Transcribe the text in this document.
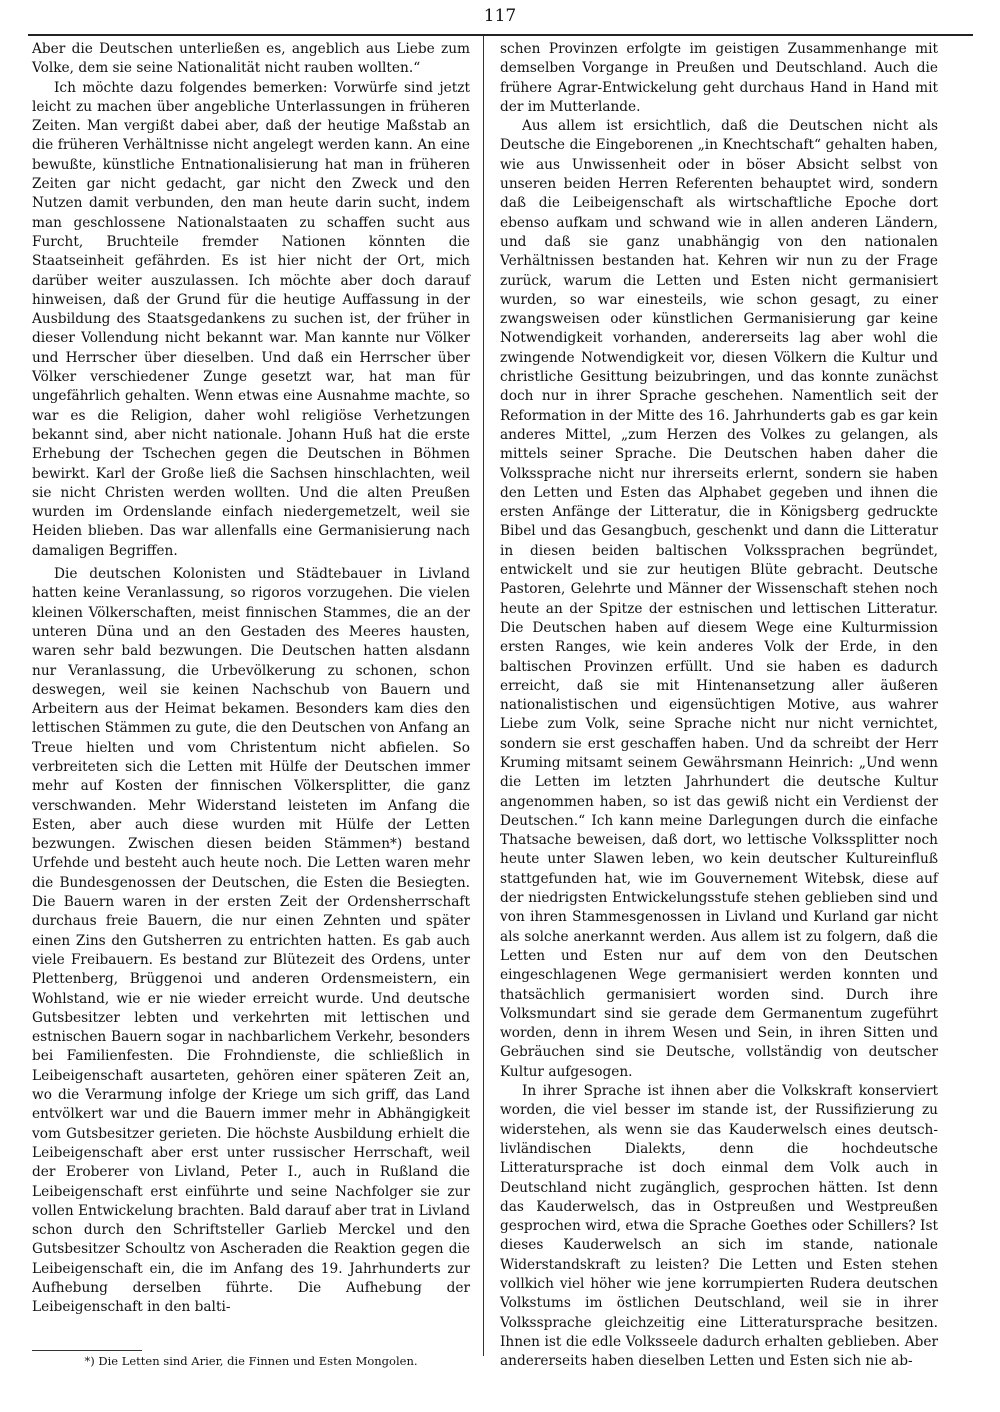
117

Aber die Deutschen unterließen es, angeblich aus Liebe zum Volke, dem sie seine Nationalität nicht rauben wollten.“

Ich möchte dazu folgendes bemerken: Vorwürfe sind jetzt leicht zu machen über angebliche Unterlassungen in früheren Zeiten. Man vergißt dabei aber, daß der heutige Maßstab an die früheren Verhältnisse nicht angelegt werden kann. An eine bewußte, künstliche Entnationalisierung hat man in früheren Zeiten gar nicht gedacht, gar nicht den Zweck und den Nutzen damit verbunden, den man heute darin sucht, indem man geschlossene Nationalstaaten zu schaffen sucht aus Furcht, Bruchteile fremder Nationen könnten die Staatseinheit gefährden. Es ist hier nicht der Ort, mich darüber weiter auszulassen. Ich möchte aber doch darauf hinweisen, daß der Grund für die heutige Auffassung in der Ausbildung des Staatsgedankens zu suchen ist, der früher in dieser Vollendung nicht bekannt war. Man kannte nur Völker und Herrscher über dieselben. Und daß ein Herrscher über Völker verschiedener Zunge gesetzt war, hat man für ungefährlich gehalten. Wenn etwas eine Ausnahme machte, so war es die Religion, daher wohl religiöse Verhetzungen bekannt sind, aber nicht nationale. Johann Huß hat die erste Erhebung der Tschechen gegen die Deutschen in Böhmen bewirkt. Karl der Große ließ die Sachsen hinschlachten, weil sie nicht Christen werden wollten. Und die alten Preußen wurden im Ordenslande einfach niedergemetzelt, weil sie Heiden blieben. Das war allenfalls eine Germanisierung nach damaligen Begriffen.

Die deutschen Kolonisten und Städtebauer in Livland hatten keine Veranlassung, so rigoros vorzugehen. Die vielen kleinen Völkerschaften, meist finnischen Stammes, die an der unteren Düna und an den Gestaden des Meeres hausten, waren sehr bald bezwungen. Die Deutschen hatten alsdann nur Veranlassung, die Urbevölkerung zu schonen, schon deswegen, weil sie keinen Nachschub von Bauern und Arbeitern aus der Heimat bekamen. Besonders kam dies den lettischen Stämmen zu gute, die den Deutschen von Anfang an Treue hielten und vom Christentum nicht abfielen. So verbreiteten sich die Letten mit Hülfe der Deutschen immer mehr auf Kosten der finnischen Völkersplitter, die ganz verschwanden. Mehr Widerstand leisteten im Anfang die Esten, aber auch diese wurden mit Hülfe der Letten bezwungen. Zwischen diesen beiden Stämmen*) bestand Urfehde und besteht auch heute noch. Die Letten waren mehr die Bundesgenossen der Deutschen, die Esten die Besiegten. Die Bauern waren in der ersten Zeit der Ordensherrschaft durchaus freie Bauern, die nur einen Zehnten und später einen Zins den Gutsherren zu entrichten hatten. Es gab auch viele Freibauern. Es bestand zur Blütezeit des Ordens, unter Plettenberg, Brüggenoi und anderen Ordensmeistern, ein Wohlstand, wie er nie wieder erreicht wurde. Und deutsche Gutsbesitzer lebten und verkehrten mit lettischen und estnischen Bauern sogar in nachbarlichem Verkehr, besonders bei Familienfesten. Die Frohndienste, die schließlich in Leibeigenschaft ausarteten, gehören einer späteren Zeit an, wo die Verarmung infolge der Kriege um sich griff, das Land entvölkert war und die Bauern immer mehr in Abhängigkeit vom Gutsbesitzer gerieten. Die höchste Ausbildung erhielt die Leibeigenschaft aber erst unter russischer Herrschaft, weil der Eroberer von Livland, Peter I., auch in Rußland die Leibeigenschaft erst einführte und seine Nachfolger sie zur vollen Entwickelung brachten. Bald darauf aber trat in Livland schon durch den Schriftsteller Garlieb Merckel und den Gutsbesitzer Schoultz von Ascheraden die Reaktion gegen die Leibeigenschaft ein, die im Anfang des 19. Jahrhunderts zur Aufhebung derselben führte. Die Aufhebung der Leibeigenschaft in den balti-

schen Provinzen erfolgte im geistigen Zusammenhange mit demselben Vorgange in Preußen und Deutschland. Auch die frühere Agrar-Entwickelung geht durchaus Hand in Hand mit der im Mutterlande.

Aus allem ist ersichtlich, daß die Deutschen nicht als Deutsche die Eingeborenen „in Knechtschaft“ gehalten haben, wie aus Unwissenheit oder in böser Absicht selbst von unseren beiden Herren Referenten behauptet wird, sondern daß die Leibeigenschaft als wirtschaftliche Epoche dort ebenso aufkam und schwand wie in allen anderen Ländern, und daß sie ganz unabhängig von den nationalen Verhältnissen bestanden hat. Kehren wir nun zu der Frage zurück, warum die Letten und Esten nicht germanisiert wurden, so war einesteils, wie schon gesagt, zu einer zwangsweisen oder künstlichen Germanisierung gar keine Notwendigkeit vorhanden, andererseits lag aber wohl die zwingende Notwendigkeit vor, diesen Völkern die Kultur und christliche Gesittung beizubringen, und das konnte zunächst doch nur in ihrer Sprache geschehen. Namentlich seit der Reformation in der Mitte des 16. Jahrhunderts gab es gar kein anderes Mittel, „zum Herzen des Volkes zu gelangen, als mittels seiner Sprache. Die Deutschen haben daher die Volkssprache nicht nur ihrerseits erlernt, sondern sie haben den Letten und Esten das Alphabet gegeben und ihnen die ersten Anfänge der Litteratur, die in Königsberg gedruckte Bibel und das Gesangbuch, geschenkt und dann die Litteratur in diesen beiden baltischen Volkssprachen begründet, entwickelt und sie zur heutigen Blüte gebracht. Deutsche Pastoren, Gelehrte und Männer der Wissenschaft stehen noch heute an der Spitze der estnischen und lettischen Litteratur. Die Deutschen haben auf diesem Wege eine Kulturmission ersten Ranges, wie kein anderes Volk der Erde, in den baltischen Provinzen erfüllt. Und sie haben es dadurch erreicht, daß sie mit Hintenansetzung aller äußeren nationalistischen und eigensüchtigen Motive, aus wahrer Liebe zum Volk, seine Sprache nicht nur nicht vernichtet, sondern sie erst geschaffen haben. Und da schreibt der Herr Kruming mitsamt seinem Gewährsmann Heinrich: „Und wenn die Letten im letzten Jahrhundert die deutsche Kultur angenommen haben, so ist das gewiß nicht ein Verdienst der Deutschen.“ Ich kann meine Darlegungen durch die einfache Thatsache beweisen, daß dort, wo lettische Volkssplitter noch heute unter Slawen leben, wo kein deutscher Kultureinfluß stattgefunden hat, wie im Gouvernement Witebsk, diese auf der niedrigsten Entwickelungsstufe stehen geblieben sind und von ihren Stammesgenossen in Livland und Kurland gar nicht als solche anerkannt werden. Aus allem ist zu folgern, daß die Letten und Esten nur auf dem von den Deutschen eingeschlagenen Wege germanisiert werden konnten und thatsächlich germanisiert worden sind. Durch ihre Volksmundart sind sie gerade dem Germanentum zugeführt worden, denn in ihrem Wesen und Sein, in ihren Sitten und Gebräuchen sind sie Deutsche, vollständig von deutscher Kultur aufgesogen.

In ihrer Sprache ist ihnen aber die Volkskraft konserviert worden, die viel besser im stande ist, der Russifizierung zu widerstehen, als wenn sie das Kauderwelsch eines deutsch-livländischen Dialekts, denn die hochdeutsche Litteratursprache ist doch einmal dem Volk auch in Deutschland nicht zugänglich, gesprochen hätten. Ist denn das Kauderwelsch, das in Ostpreußen und Westpreußen gesprochen wird, etwa die Sprache Goethes oder Schillers? Ist dieses Kauderwelsch an sich im stande, nationale Widerstandskraft zu leisten? Die Letten und Esten stehen vollkich viel höher wie jene korrumpierten Rudera deutschen Volkstums im östlichen Deutschland, weil sie in ihrer Volkssprache gleichzeitig eine Litteratursprache besitzen. Ihnen ist die edle Volksseele dadurch erhalten geblieben. Aber andererseits haben dieselben Letten und Esten sich nie ab-

*) Die Letten sind Arier, die Finnen und Esten Mongolen.
